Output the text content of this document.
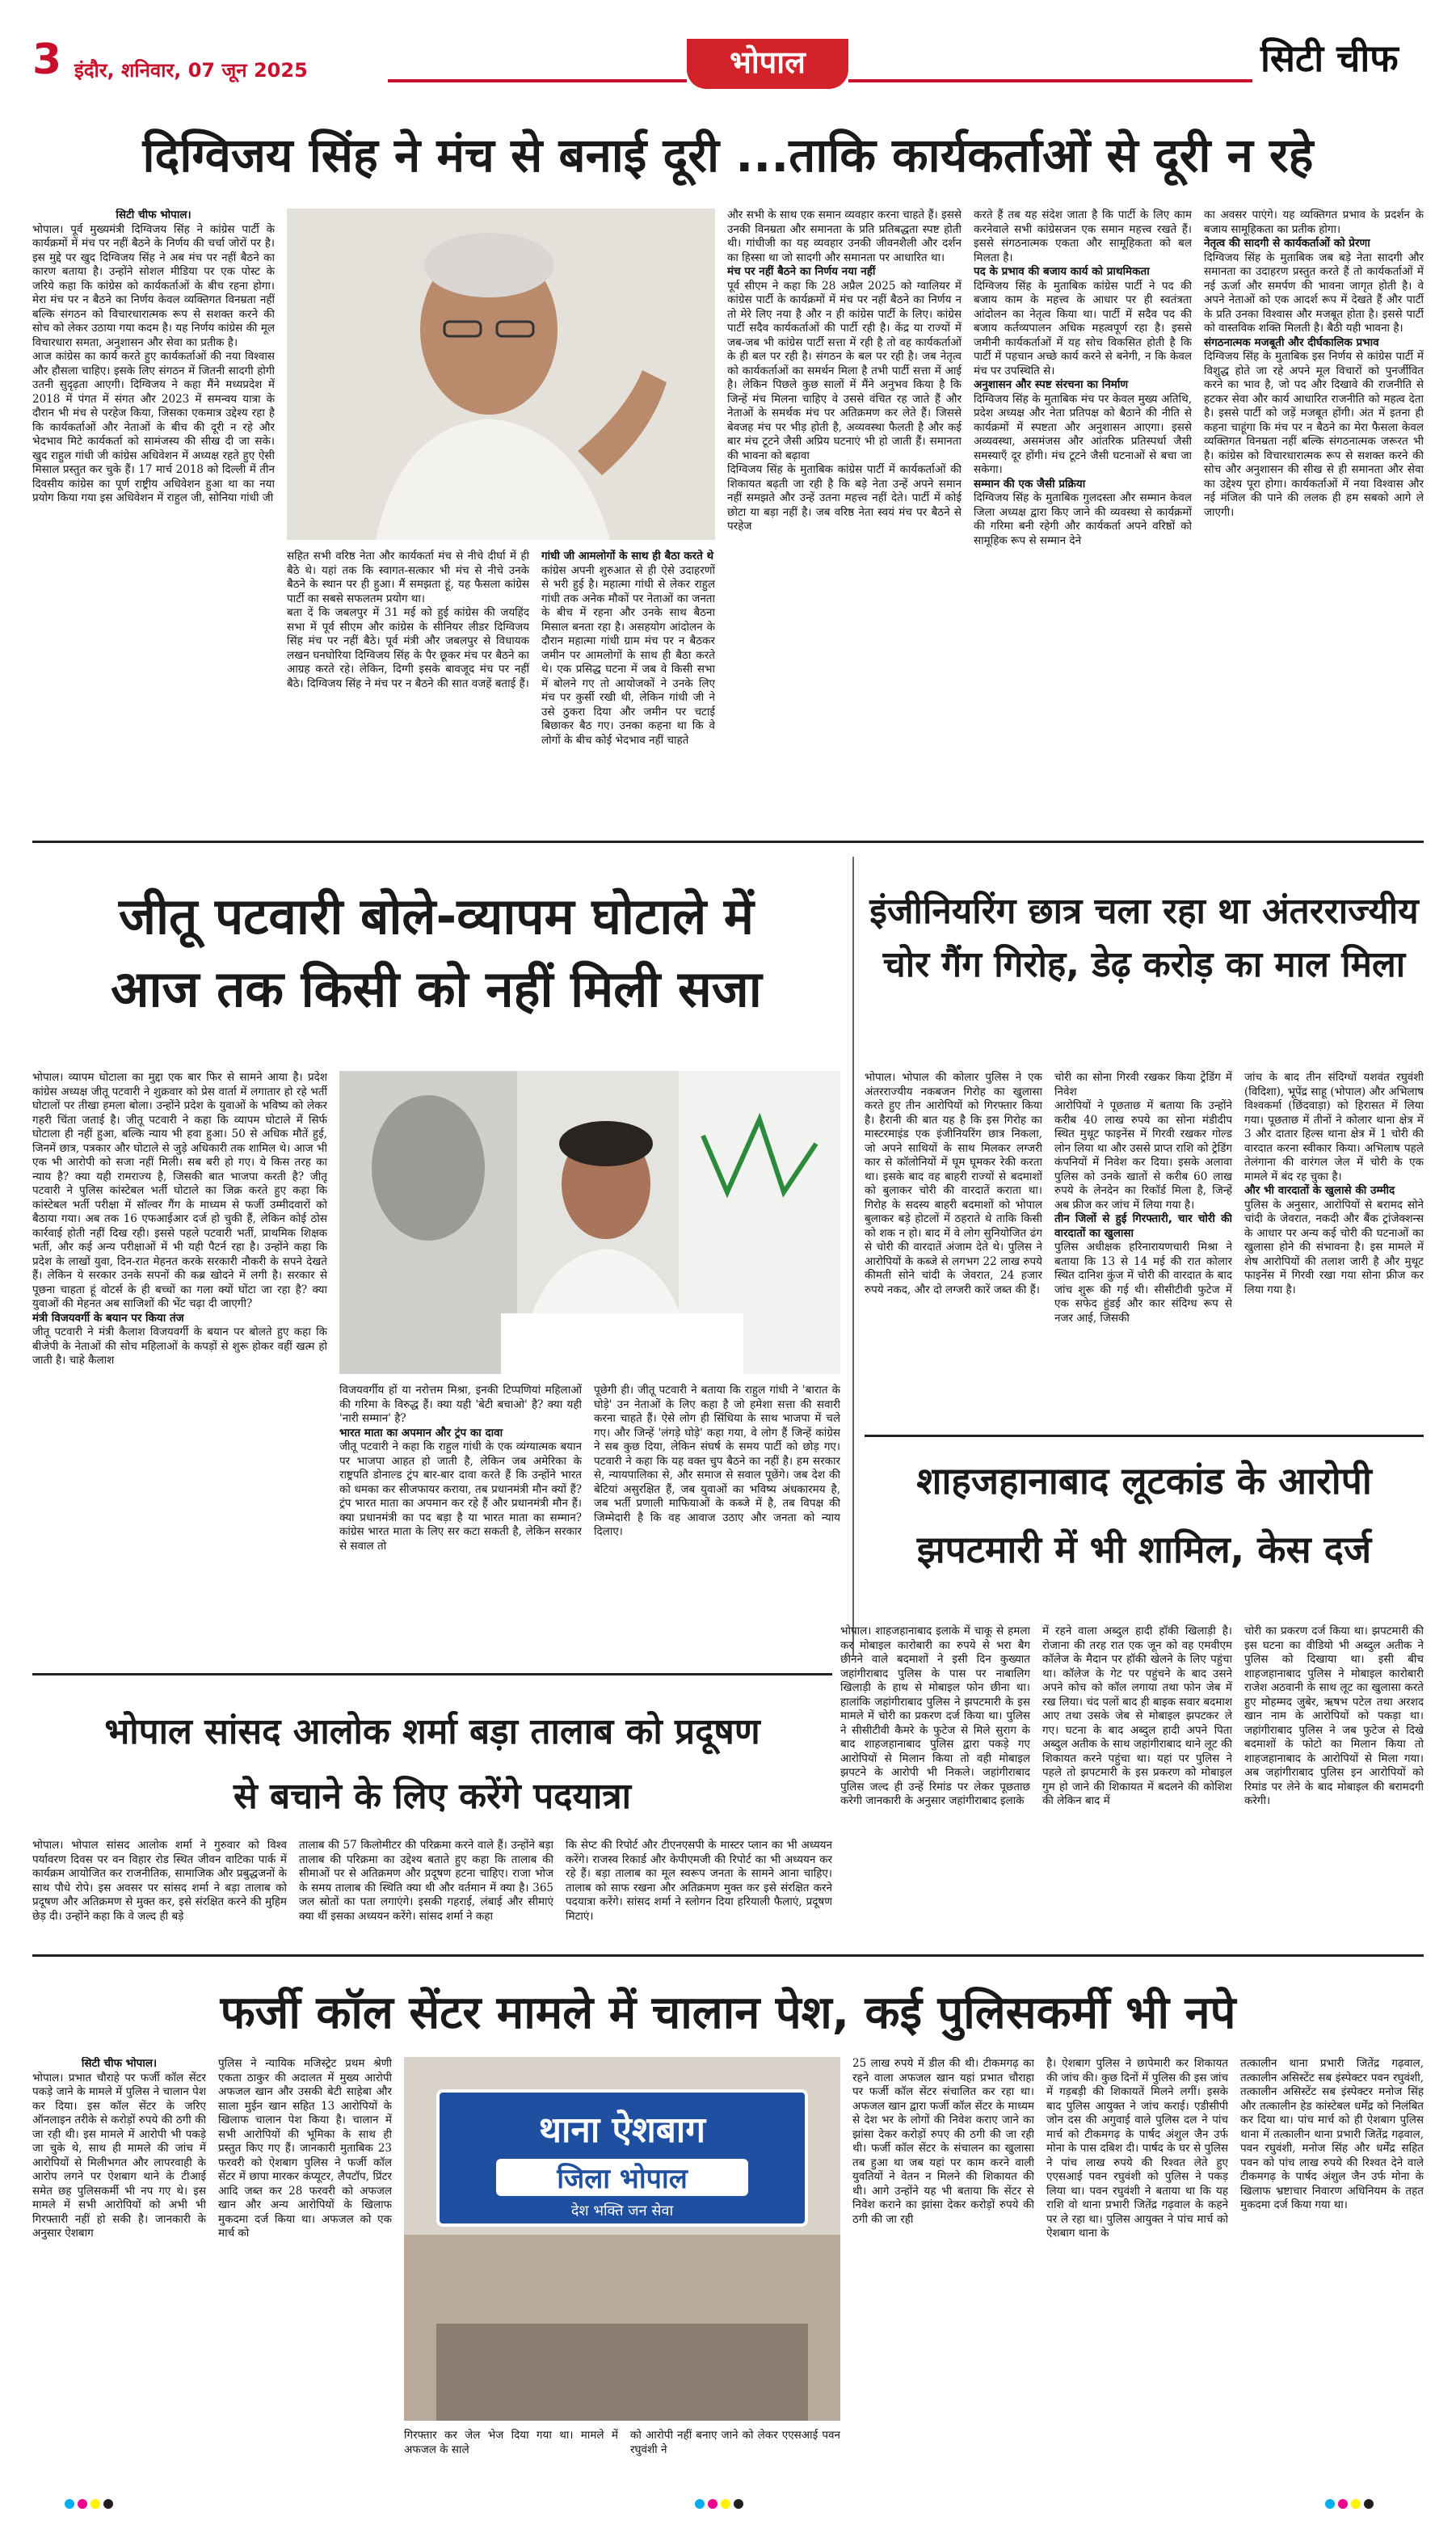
3 इंदौर, शनिवार, 07 जून 2025	भोपाल	सिटी चीफ
दिग्विजय सिंह ने मंच से बनाई दूरी ...ताकि कार्यकर्ताओं से दूरी न रहे
सिटी चीफ भोपाल।
भोपाल। पूर्व मुख्यमंत्री दिग्विजय सिंह ने कांग्रेस पार्टी के कार्यक्रमों में मंच पर नहीं बैठने के निर्णय की चर्चा जोरों पर है। इस मुद्दे पर खुद दिग्विजय सिंह ने अब मंच पर नहीं बैठने का कारण बताया है। उन्होंने सोशल मीडिया पर एक पोस्ट के जरिये कहा कि कांग्रेस को कार्यकर्ताओं के बीच रहना होगा। मेरा मंच पर न बैठने का निर्णय केवल व्यक्तिगत विनम्रता नहीं बल्कि संगठन को विचारधारात्मक रूप से सशक्त करने की सोच को लेकर उठाया गया कदम है। यह निर्णय कांग्रेस की मूल विचारधारा समता, अनुशासन और सेवा का प्रतीक है।
आज कांग्रेस का कार्य करते हुए कार्यकर्ताओं की नया विश्वास और हौसला चाहिए। इसके लिए संगठन में जितनी सादगी होगी उतनी सुदृढ़ता आएगी। दिग्विजय ने कहा मैंने मध्यप्रदेश में 2018 में पंगत में संगत और 2023 में समन्वय यात्रा के दौरान भी मंच से परहेज किया, जिसका एकमात्र उद्देश्य रहा है कि कार्यकर्ताओं और नेताओं के बीच की दूरी न रहे और भेदभाव मिटे कार्यकर्ता को सामंजस्य की सीख दी जा सके। खुद राहुल गांधी जी कांग्रेस अधिवेशन में अध्यक्ष रहते हुए ऐसी मिसाल प्रस्तुत कर चुके हैं। 17 मार्च 2018 को दिल्ली में तीन दिवसीय कांग्रेस का पूर्ण राष्ट्रीय अधिवेशन हुआ था का नया प्रयोग किया गया इस अधिवेशन में राहुल जी, सोनिया गांधी जी
सहित सभी वरिष्ठ नेता और कार्यकर्ता मंच से नीचे दीर्घा में ही बैठे थे। यहां तक कि स्वागत-सत्कार भी मंच से नीचे उनके बैठने के स्थान पर ही हुआ। मैं समझता हूं, यह फैसला कांग्रेस पार्टी का सबसे सफलतम प्रयोग था।
बता दें कि जबलपुर में 31 मई को हुई कांग्रेस की जयहिंद सभा में पूर्व सीएम और कांग्रेस के सीनियर लीडर दिग्विजय सिंह मंच पर नहीं बैठे। पूर्व मंत्री और जबलपुर से विधायक लखन घनघोरिया दिग्विजय सिंह के पैर छूकर मंच पर बैठने का आग्रह करते रहे। लेकिन, दिग्गी इसके बावजूद मंच पर नहीं बैठे। दिग्विजय सिंह ने मंच पर न बैठने की सात वजहें बताई हैं।
गांधी जी आमलोगों के साथ ही बैठा करते थे
कांग्रेस अपनी शुरुआत से ही ऐसे उदाहरणों से भरी हुई है। महात्मा गांधी से लेकर राहुल गांधी तक अनेक मौकों पर नेताओं का जनता के बीच में रहना और उनके साथ बैठना मिसाल बनता रहा है। असहयोग आंदोलन के दौरान महात्मा गांधी ग्राम मंच पर न बैठकर जमीन पर आमलोगों के साथ ही बैठा करते थे। एक प्रसिद्ध घटना में जब वे किसी सभा में बोलने गए तो आयोजकों ने उनके लिए मंच पर कुर्सी रखी थी, लेकिन गांधी जी ने उसे ठुकरा दिया और जमीन पर चटाई बिछाकर बैठ गए। उनका कहना था कि वे लोगों के बीच कोई भेदभाव नहीं चाहते
और सभी के साथ एक समान व्यवहार करना चाहते हैं। इससे उनकी विनम्रता और समानता के प्रति प्रतिबद्धता स्पष्ट होती थी। गांधीजी का यह व्यवहार उनकी जीवनशैली और दर्शन का हिस्सा था जो सादगी और समानता पर आधारित था।
मंच पर नहीं बैठने का निर्णय नया नहीं
पूर्व सीएम ने कहा कि 28 अप्रैल 2025 को ग्वालियर में कांग्रेस पार्टी के कार्यक्रमों में मंच पर नहीं बैठने का निर्णय न तो मेरे लिए नया है और न ही कांग्रेस पार्टी के लिए। कांग्रेस पार्टी सदैव कार्यकर्ताओं की पार्टी रही है। केंद्र या राज्यों में जब-जब भी कांग्रेस पार्टी सत्ता में रही है तो वह कार्यकर्ताओं के ही बल पर रही है। संगठन के बल पर रही है। जब नेतृत्व को कार्यकर्ताओं का समर्थन मिला है तभी पार्टी सत्ता में आई है। लेकिन पिछले कुछ सालों में मैंने अनुभव किया है कि जिन्हें मंच मिलना चाहिए वे उससे वंचित रह जाते हैं और नेताओं के समर्थक मंच पर अतिक्रमण कर लेते हैं। जिससे बेवजह मंच पर भीड़ होती है, अव्यवस्था फैलती है और कई बार मंच टूटने जैसी अप्रिय घटनाएं भी हो जाती हैं। समानता की भावना को बढ़ावा
दिग्विजय सिंह के मुताबिक कांग्रेस पार्टी में कार्यकर्ताओं की शिकायत बढ़ती जा रही है कि बड़े नेता उन्हें अपने समान नहीं समझते और उन्हें उतना महत्त्व नहीं देते। पार्टी में कोई छोटा या बड़ा नहीं है। जब वरिष्ठ नेता स्वयं मंच पर बैठने से परहेज
करते हैं तब यह संदेश जाता है कि पार्टी के लिए काम करनेवाले सभी कांग्रेसजन एक समान महत्त्व रखते हैं। इससे संगठनात्मक एकता और सामूहिकता को बल मिलता है।
पद के प्रभाव की बजाय कार्य को प्राथमिकता
दिग्विजय सिंह के मुताबिक कांग्रेस पार्टी ने पद की बजाय काम के महत्त्व के आधार पर ही स्वतंत्रता आंदोलन का नेतृत्व किया था। पार्टी में सदैव पद की बजाय कर्तव्यपालन अधिक महत्वपूर्ण रहा है। इससे जमीनी कार्यकर्ताओं में यह सोच विकसित होती है कि पार्टी में पहचान अच्छे कार्य करने से बनेगी, न कि केवल मंच पर उपस्थिति से।
अनुशासन और स्पष्ट संरचना का निर्माण
दिग्विजय सिंह के मुताबिक मंच पर केवल मुख्य अतिथि, प्रदेश अध्यक्ष और नेता प्रतिपक्ष को बैठाने की नीति से कार्यक्रमों में स्पष्टता और अनुशासन आएगा। इससे अव्यवस्था, असमंजस और आंतरिक प्रतिस्पर्धा जैसी समस्याएँ दूर होंगी। मंच टूटने जैसी घटनाओं से बचा जा सकेगा।
सम्मान की एक जैसी प्रक्रिया
दिग्विजय सिंह के मुताबिक गुलदस्ता और सम्मान केवल जिला अध्यक्ष द्वारा किए जाने की व्यवस्था से कार्यक्रमों की गरिमा बनी रहेगी और कार्यकर्ता अपने वरिष्ठों को सामूहिक रूप से सम्मान देने
का अवसर पाएंगे। यह व्यक्तिगत प्रभाव के प्रदर्शन के बजाय सामूहिकता का प्रतीक होगा।
नेतृत्व की सादगी से कार्यकर्ताओं को प्रेरणा
दिग्विजय सिंह के मुताबिक जब बड़े नेता सादगी और समानता का उदाहरण प्रस्तुत करते हैं तो कार्यकर्ताओं में नई ऊर्जा और समर्पण की भावना जागृत होती है। वे अपने नेताओं को एक आदर्श रूप में देखते हैं और पार्टी के प्रति उनका विश्वास और मजबूत होता है। इससे पार्टी को वास्तविक शक्ति मिलती है। बैठी यही भावना है।
संगठनात्मक मजबूती और दीर्घकालिक प्रभाव
दिग्विजय सिंह के मुताबिक इस निर्णय से कांग्रेस पार्टी में विशुद्ध होते जा रहे अपने मूल विचारों को पुनर्जीवित करने का भाव है, जो पद और दिखावे की राजनीति से हटकर सेवा और कार्य आधारित राजनीति को महत्व देता है। इससे पार्टी को जड़ें मजबूत होंगी। अंत में इतना ही कहना चाहूंगा कि मंच पर न बैठने का मेरा फैसला केवल व्यक्तिगत विनम्रता नहीं बल्कि संगठनात्मक जरूरत भी है। कांग्रेस को विचारधारात्मक रूप से सशक्त करने की सोच और अनुशासन की सीख से ही समानता और सेवा का उद्देश्य पूरा होगा। कार्यकर्ताओं में नया विश्वास और नई मंजिल की पाने की ललक ही हम सबको आगे ले जाएगी।
जीतू पटवारी बोले-व्यापम घोटाले में
आज तक किसी को नहीं मिली सजा
भोपाल। व्यापम घोटाला का मुद्दा एक बार फिर से सामने आया है। प्रदेश कांग्रेस अध्यक्ष जीतू पटवारी ने शुक्रवार को प्रेस वार्ता में लगातार हो रहे भर्ती घोटालों पर तीखा हमला बोला। उन्होंने प्रदेश के युवाओं के भविष्य को लेकर गहरी चिंता जताई है। जीतू पटवारी ने कहा कि व्यापम घोटाले में सिर्फ घोटाला ही नहीं हुआ, बल्कि न्याय भी हवा हुआ। 50 से अधिक मौतें हुई, जिनमें छात्र, पत्रकार और घोटाले से जुड़े अधिकारी तक शामिल थे। आज भी एक भी आरोपी को सजा नहीं मिली। सब बरी हो गए। ये किस तरह का न्याय है? क्या यही रामराज्य है, जिसकी बात भाजपा करती है? जीतू पटवारी ने पुलिस कांस्टेबल भर्ती घोटाले का जिक्र करते हुए कहा कि कांस्टेबल भर्ती परीक्षा में सॉल्वर गैंग के माध्यम से फर्जी उम्मीदवारों को बैठाया गया। अब तक 16 एफआईआर दर्ज हो चुकी हैं, लेकिन कोई ठोस कार्रवाई होती नहीं दिख रही। इससे पहले पटवारी भर्ती, प्राथमिक शिक्षक भर्ती, और कई अन्य परीक्षाओं में भी यही पैटर्न रहा है। उन्होंने कहा कि प्रदेश के लाखों युवा, दिन-रात मेहनत करके सरकारी नौकरी के सपने देखते हैं। लेकिन ये सरकार उनके सपनों की कब्र खोदने में लगी है। सरकार से पूछना चाहता हूं वोटर्स के ही बच्चों का गला क्यों घोंटा जा रहा है? क्या युवाओं की मेहनत अब साजिशों की भेंट चढ़ा दी जाएगी?
मंत्री विजयवर्गी के बयान पर किया तंज
जीतू पटवारी ने मंत्री कैलाश विजयवर्गी के बयान पर बोलते हुए कहा कि बीजेपी के नेताओं की सोच महिलाओं के कपड़ों से शुरू होकर वहीं खत्म हो जाती है। चाहे कैलाश
विजयवर्गीय हों या नरोत्तम मिश्रा, इनकी टिप्पणियां महिलाओं की गरिमा के विरुद्ध हैं। क्या यही 'बेटी बचाओ' है? क्या यही 'नारी सम्मान' है?
भारत माता का अपमान और ट्रंप का दावा
जीतू पटवारी ने कहा कि राहुल गांधी के एक व्यंग्यात्मक बयान पर भाजपा आहत हो जाती है, लेकिन जब अमेरिका के राष्ट्रपति डोनाल्ड ट्रंप बार-बार दावा करते हैं कि उन्होंने भारत को धमका कर सीजफायर कराया, तब प्रधानमंत्री मौन क्यों हैं? ट्रंप भारत माता का अपमान कर रहे हैं और प्रधानमंत्री मौन हैं। क्या प्रधानमंत्री का पद बड़ा है या भारत माता का सम्मान? कांग्रेस भारत माता के लिए सर कटा सकती है, लेकिन सरकार से सवाल तो
पूछेगी ही। जीतू पटवारी ने बताया कि राहुल गांधी ने 'बारात के घोड़े' उन नेताओं के लिए कहा है जो हमेशा सत्ता की सवारी करना चाहते हैं। ऐसे लोग ही सिंधिया के साथ भाजपा में चले गए। और जिन्हें 'लंगड़े घोड़े' कहा गया, वे लोग हैं जिन्हें कांग्रेस ने सब कुछ दिया, लेकिन संघर्ष के समय पार्टी को छोड़ गए। पटवारी ने कहा कि यह वक्त चुप बैठने का नहीं है। हम सरकार से, न्यायपालिका से, और समाज से सवाल पूछेंगे। जब देश की बेटियां असुरक्षित हैं, जब युवाओं का भविष्य अंधकारमय है, जब भर्ती प्रणाली माफियाओं के कब्जे में है, तब विपक्ष की जिम्मेदारी है कि वह आवाज उठाए और जनता को न्याय दिलाए।
इंजीनियरिंग छात्र चला रहा था अंतरराज्यीय चोर गैंग गिरोह, डेढ़ करोड़ का माल मिला
भोपाल। भोपाल की कोलार पुलिस ने एक अंतरराज्यीय नकबजन गिरोह का खुलासा करते हुए तीन आरोपियों को गिरफ्तार किया है। हैरानी की बात यह है कि इस गिरोह का मास्टरमाइंड एक इंजीनियरिंग छात्र निकला, जो अपने साथियों के साथ मिलकर लग्जरी कार से कॉलोनियों में घूम घूमकर रेकी करता था। इसके बाद वह बाहरी राज्यों से बदमाशों को बुलाकर चोरी की वारदातें कराता था। गिरोह के सदस्य बाहरी बदमाशों को भोपाल बुलाकर बड़े होटलों में ठहराते थे ताकि किसी को शक न हो। बाद में वे लोग सुनियोजित ढंग से चोरी की वारदातें अंजाम देते थे। पुलिस ने आरोपियों के कब्जे से लगभग 22 लाख रुपये कीमती सोने चांदी के जेवरात, 24 हजार रुपये नकद, और दो लग्जरी कारें जब्त की हैं।
चोरी का सोना गिरवी रखकर किया ट्रेडिंग में निवेश
आरोपियों ने पूछताछ में बताया कि उन्होंने करीब 40 लाख रुपये का सोना मंडीदीप स्थित मुथूट फाइनेंस में गिरवी रखकर गोल्ड लोन लिया था और उससे प्राप्त राशि को ट्रेडिंग कंपनियों में निवेश कर दिया। इसके अलावा पुलिस को उनके खातों से करीब 60 लाख रुपये के लेनदेन का रिकॉर्ड मिला है, जिन्हें अब फ्रीज कर जांच में लिया गया है।
तीन जिलों से हुई गिरफ्तारी, चार चोरी की वारदातों का खुलासा
पुलिस अधीक्षक हरिनारायणचारी मिश्रा ने बताया कि 13 से 14 मई की रात कोलार स्थित दानिश कुंज में चोरी की वारदात के बाद जांच शुरू की गई थी। सीसीटीवी फुटेज में एक सफेद हुंडई और कार संदिग्ध रूप से नजर आई, जिसकी
जांच के बाद तीन संदिग्धों यशवंत रघुवंशी (विदिशा), भूपेंद्र साहू (भोपाल) और अभिलाष विश्वकर्मा (छिंदवाड़ा) को हिरासत में लिया गया। पूछताछ में तीनों ने कोलार थाना क्षेत्र में 3 और दातार हिल्स थाना क्षेत्र में 1 चोरी की वारदात करना स्वीकार किया। अभिलाष पहले तेलंगाना की वारंगल जेल में चोरी के एक मामले में बंद रह चुका है।
और भी वारदातों के खुलासे की उम्मीद
पुलिस के अनुसार, आरोपियों से बरामद सोने चांदी के जेवरात, नकदी और बैंक ट्रांजेक्शन्स के आधार पर अन्य कई चोरी की घटनाओं का खुलासा होने की संभावना है। इस मामले में शेष आरोपियों की तलाश जारी है और मुथूट फाइनेंस में गिरवी रखा गया सोना फ्रीज कर लिया गया है।
शाहजहानाबाद लूटकांड के आरोपी
झपटमारी में भी शामिल, केस दर्ज
भोपाल। शाहजहानाबाद इलाके में चाकू से हमला कर मोबाइल कारोबारी का रुपये से भरा बैग छीनने वाले बदमाशों ने इसी दिन कुख्यात जहांगीराबाद पुलिस के पास पर नाबालिग खिलाड़ी के हाथ से मोबाइल फोन छीना था। हालांकि जहांगीराबाद पुलिस ने झपटमारी के इस मामले में चोरी का प्रकरण दर्ज किया था। पुलिस ने सीसीटीवी कैमरे के फुटेज से मिले सुराग के बाद शाहजहानाबाद पुलिस द्वारा पकड़े गए आरोपियों से मिलान किया तो वही मोबाइल झपटने के आरोपी भी निकले। जहांगीराबाद पुलिस जल्द ही उन्हें रिमांड पर लेकर पूछताछ करेगी जानकारी के अनुसार जहांगीराबाद इलाके
में रहने वाला अब्दुल हादी हॉकी खिलाड़ी है। रोजाना की तरह रात एक जून को वह एमवीएम कॉलेज के मैदान पर हॉकी खेलने के लिए पहुंचा था। कॉलेज के गेट पर पहुंचने के बाद उसने अपने कोच को कॉल लगाया तथा फोन जेब में रख लिया। चंद पलों बाद ही बाइक सवार बदमाश आए तथा उसके जेब से मोबाइल झपटकर ले गए। घटना के बाद अब्दुल हादी अपने पिता अब्दुल अतीक के साथ जहांगीराबाद थाने लूट की शिकायत करने पहुंचा था। यहां पर पुलिस ने पहले तो झपटमारी के इस प्रकरण को मोबाइल गुम हो जाने की शिकायत में बदलने की कोशिश की लेकिन बाद में
चोरी का प्रकरण दर्ज किया था। झपटमारी की इस घटना का वीडियो भी अब्दुल अतीक ने पुलिस को दिखाया था। इसी बीच शाहजहानाबाद पुलिस ने मोबाइल कारोबारी राजेश अठवानी के साथ लूट का खुलासा करते हुए मोहम्मद जुबेर, ऋषभ पटेल तथा अरशद खान नाम के आरोपियों को पकड़ा था। जहांगीराबाद पुलिस ने जब फुटेज से दिखे बदमाशों के फोटो का मिलान किया तो शाहजहानाबाद के आरोपियों से मिला गया। अब जहांगीराबाद पुलिस इन आरोपियों को रिमांड पर लेने के बाद मोबाइल की बरामदगी करेगी।
भोपाल सांसद आलोक शर्मा बड़ा तालाब को प्रदूषण
से बचाने के लिए करेंगे पदयात्रा
भोपाल। भोपाल सांसद आलोक शर्मा ने गुरुवार को विश्व पर्यावरण दिवस पर वन विहार रोड स्थित जीवन वाटिका पार्क में कार्यक्रम आयोजित कर राजनीतिक, सामाजिक और प्रबुद्धजनों के साथ पौधे रोपे। इस अवसर पर सांसद शर्मा ने बड़ा तालाब को प्रदूषण और अतिक्रमण से मुक्त कर, इसे संरक्षित करने की मुहिम छेड़ दी। उन्होंने कहा कि वे जल्द ही बड़े
तालाब की 57 किलोमीटर की परिक्रमा करने वाले हैं। उन्होंने बड़ा तालाब की परिक्रमा का उद्देश्य बताते हुए कहा कि तालाब की सीमाओं पर से अतिक्रमण और प्रदूषण हटना चाहिए। राजा भोज के समय तालाब की स्थिति क्या थी और वर्तमान में क्या है। 365 जल स्रोतों का पता लगाएंगे। इसकी गहराई, लंबाई और सीमाएं क्या थीं इसका अध्ययन करेंगे। सांसद शर्मा ने कहा
कि सेप्ट की रिपोर्ट और टीएनएसपी के मास्टर प्लान का भी अध्ययन करेंगे। राजस्व रिकार्ड और केपीएमजी की रिपोर्ट का भी अध्ययन कर रहे हैं। बड़ा तालाब का मूल स्वरूप जनता के सामने आना चाहिए। तालाब को साफ रखना और अतिक्रमण मुक्त कर इसे संरक्षित करने पदयात्रा करेंगे। सांसद शर्मा ने स्लोगन दिया हरियाली फैलाएं, प्रदूषण मिटाएं।
फर्जी कॉल सेंटर मामले में चालान पेश, कई पुलिसकर्मी भी नपे
सिटी चीफ भोपाल।
भोपाल। प्रभात चौराहे पर फर्जी कॉल सेंटर पकड़े जाने के मामले में पुलिस ने चालान पेश कर दिया। इस कॉल सेंटर के जरिए ऑनलाइन तरीके से करोड़ों रुपये की ठगी की जा रही थी। इस मामले में आरोपी भी पकड़े जा चुके थे, साथ ही मामले की जांच में आरोपियों से मिलीभगत और लापरवाही के आरोप लगने पर ऐशबाग थाने के टीआई समेत छह पुलिसकर्मी भी नप गए थे। इस मामले में सभी आरोपियों को अभी भी गिरफ्तारी नहीं हो सकी है। जानकारी के अनुसार ऐशबाग
पुलिस ने न्यायिक मजिस्ट्रेट प्रथम श्रेणी एकता ठाकुर की अदालत में मुख्य आरोपी अफजल खान और उसकी बेटी साहेबा और साला मुईन खान सहित 13 आरोपियों के खिलाफ चालान पेश किया है। चालान में सभी आरोपियों की भूमिका के साथ ही प्रस्तुत किए गए हैं। जानकारी मुताबिक 23 फरवरी को ऐशबाग पुलिस ने फर्जी कॉल सेंटर में छापा मारकर कंप्यूटर, लैपटॉप, प्रिंटर आदि जब्त कर 28 फरवरी को अफजल खान और अन्य आरोपियों के खिलाफ मुकदमा दर्ज किया था। अफजल को एक मार्च को
थाना ऐशबाग
जिला भोपाल
देश भक्ति जन सेवा
गिरफ्तार कर जेल भेज दिया गया था। मामले में अफजल के साले
को आरोपी नहीं बनाए जाने को लेकर एएसआई पवन रघुवंशी ने
25 लाख रुपये में डील की थी। टीकमगढ़ का रहने वाला अफजल खान यहां प्रभात चौराहा पर फर्जी कॉल सेंटर संचालित कर रहा था। अफजल खान द्वारा फर्जी कॉल सेंटर के माध्यम से देश भर के लोगों की निवेश कराए जाने का झांसा देकर करोड़ों रुपए की ठगी की जा रही थी। फर्जी कॉल सेंटर के संचालन का खुलासा तब हुआ था जब यहां पर काम करने वाली युवतियों ने वेतन न मिलने की शिकायत की थी। आगे उन्होंने यह भी बताया कि सेंटर से निवेश कराने का झांसा देकर करोड़ों रुपये की ठगी की जा रही
है। ऐशबाग पुलिस ने छापेमारी कर शिकायत की जांच की। कुछ दिनों में पुलिस की इस जांच में गड़बड़ी की शिकायतें मिलने लगीं। इसके बाद पुलिस आयुक्त ने जांच कराई। एडीसीपी जोन दस की अगुवाई वाले पुलिस दल ने पांच मार्च को टीकमगढ़ के पार्षद अंशुल जैन उर्फ मोना के पास दबिश दी। पार्षद के घर से पुलिस ने पांच लाख रुपये की रिश्वत लेते हुए एएसआई पवन रघुवंशी को पुलिस ने पकड़ लिया था। पवन रघुवंशी ने बताया था कि यह राशि वो थाना प्रभारी जितेंद्र गढ़वाल के कहने पर ले रहा था। पुलिस आयुक्त ने पांच मार्च को ऐशबाग थाना के
तत्कालीन थाना प्रभारी जितेंद्र गढ़वाल, तत्कालीन असिस्टेंट सब इंस्पेक्टर पवन रघुवंशी, तत्कालीन असिस्टेंट सब इंस्पेक्टर मनोज सिंह और तत्कालीन हेड कांस्टेबल धर्मेंद्र को निलंबित कर दिया था। पांच मार्च को ही ऐशबाग पुलिस थाना में तत्कालीन थाना प्रभारी जितेंद्र गढ़वाल, पवन रघुवंशी, मनोज सिंह और धर्मेंद्र सहित पवन को पांच लाख रुपये की रिश्वत देने वाले टीकमगढ़ के पार्षद अंशुल जैन उर्फ मोना के खिलाफ भ्रष्टाचार निवारण अधिनियम के तहत मुकदमा दर्ज किया गया था।
